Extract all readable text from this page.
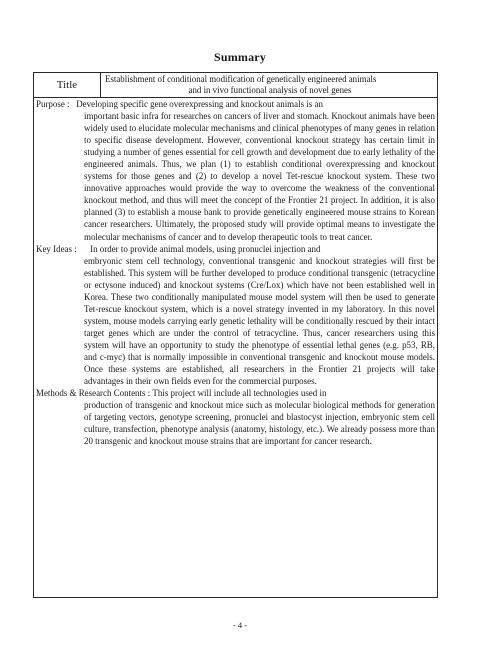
Summary
Title	Establishment of conditional modification of genetically engineered animals
and in vivo functional analysis of novel genes
Purpose : Developing specific gene overexpressing and knockout animals is an
important basic infra for researches on cancers of liver and stomach. Knockout animals have been widely used to elucidate molecular mechanisms and clinical phenotypes of many genes in relation to specific disease development. However, conventional knockout strategy has certain limit in studying a number of genes essential for cell growth and development due to early lethality of the engineered animals. Thus, we plan (1) to establish conditional overexpressing and knockout systems for those genes and (2) to develop a novel Tet-rescue knockout system. These two innovative approaches would provide the way to overcome the weakness of the conventional knockout method, and thus will meet the concept of the Frontier 21 project. In addition, it is also planned (3) to establish a mouse bank to provide genetically engineered mouse strains to Korean cancer researchers. Ultimately, the proposed study will provide optimal means to investigate the molecular mechanisms of cancer and to develop therapeutic tools to treat cancer.
Key Ideas : In order to provide animal models, using pronuclei injection and
embryonic stem cell technology, conventional transgenic and knockout strategies will first be established. This system will be further developed to produce conditional transgenic (tetracycline or ectysone induced) and knockout systems (Cre/Lox) which have not been established well in Korea. These two conditionally manipulated mouse model system will then be used to generate Tet-rescue knockout system, which is a novel strategy invented in my laboratory. In this novel system, mouse models carrying early genetic lethality will be conditionally rescued by their intact target genes which are under the control of tetracycline. Thus, cancer researchers using this system will have an opportunity to study the phenotype of essential lethal genes (e.g. p53, RB, and c-myc) that is normally impossible in conventional transgenic and knockout mouse models. Once these systems are established, all researchers in the Frontier 21 projects will take advantages in their own fields even for the commercial purposes.
Methods & Research Contents : This project will include all technologies used in
production of transgenic and knockout mice such as molecular biological methods for generation of targeting vectors, genotype screening, pronuclei and blastocyst injection, embryonic stem cell culture, transfection, phenotype analysis (anatomy, histology, etc.). We already possess more than 20 transgenic and knockout mouse strains that are important for cancer research.
- 4 -
